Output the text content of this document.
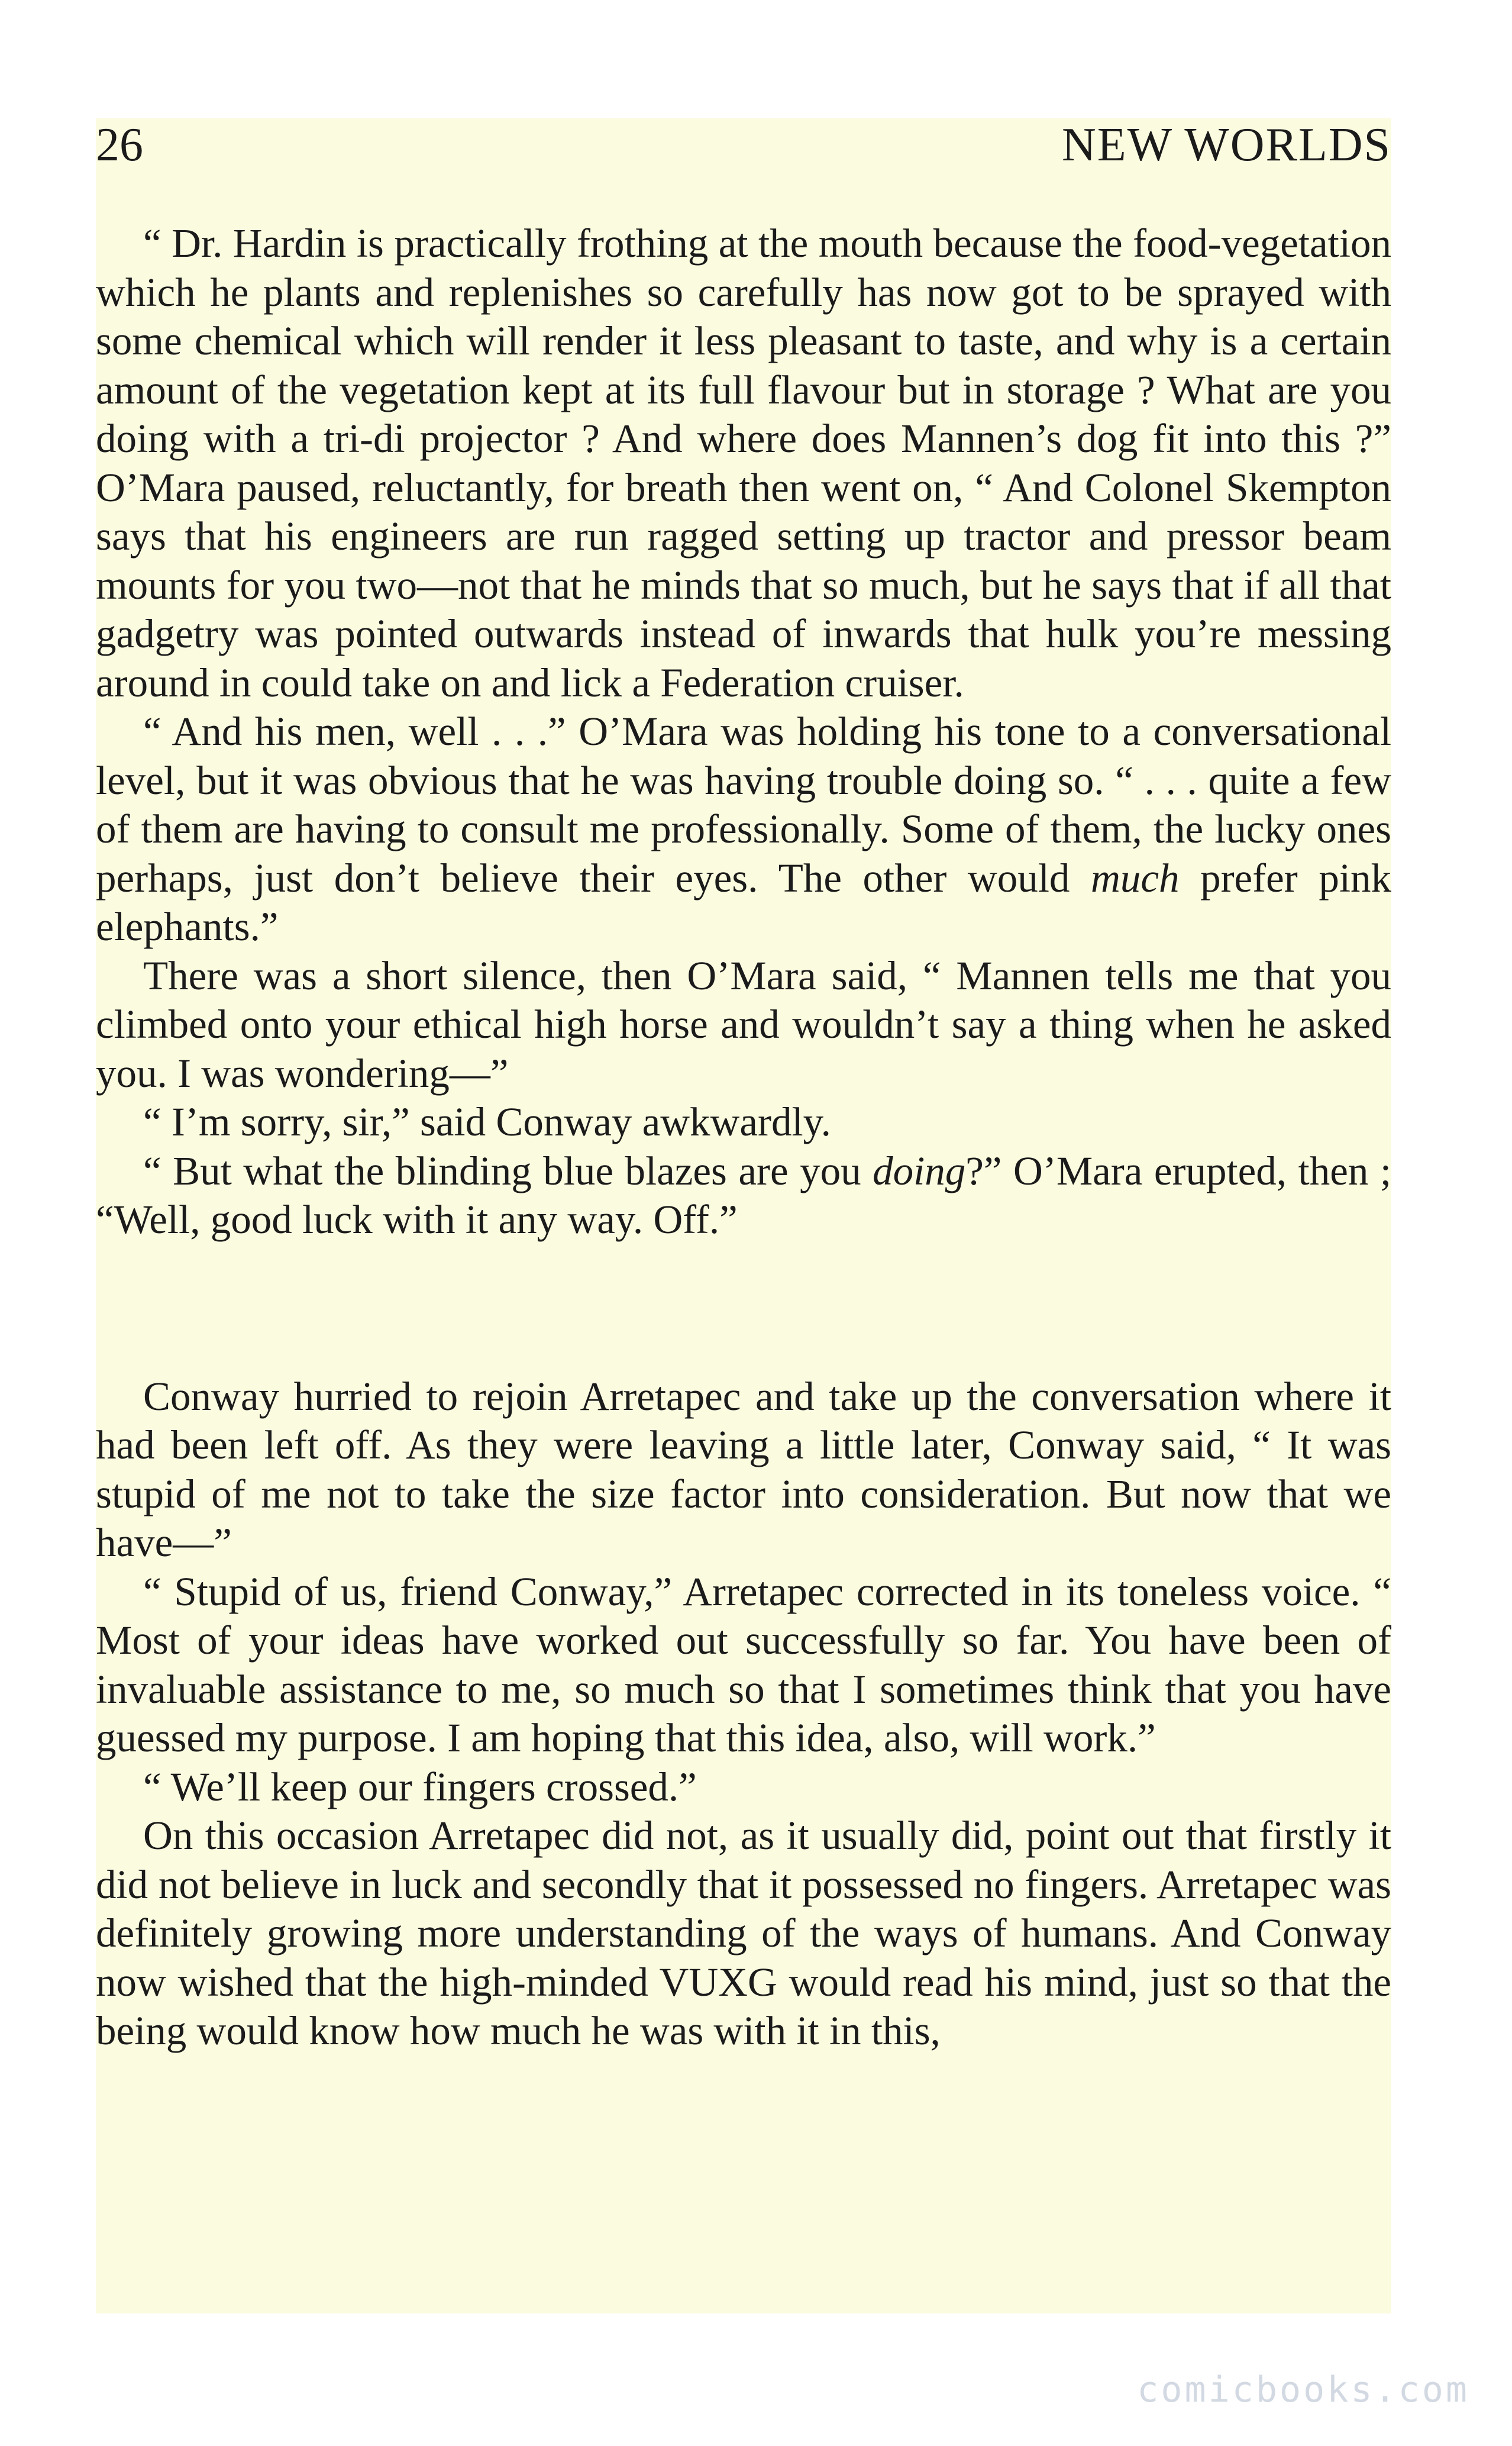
26	NEW WORLDS

“ Dr. Hardin is practically frothing at the mouth because the food-vegetation which he plants and replenishes so carefully has now got to be sprayed with some chemical which will render it less pleasant to taste, and why is a certain amount of the vegetation kept at its full flavour but in storage ? What are you doing with a tri-di projector ? And where does Mannen’s dog fit into this ?” O’Mara paused, reluctantly, for breath then went on, “ And Colonel Skempton says that his engineers are run ragged setting up tractor and pressor beam mounts for you two—not that he minds that so much, but he says that if all that gadgetry was pointed outwards instead of inwards that hulk you’re messing around in could take on and lick a Federation cruiser.

“ And his men, well . . .” O’Mara was holding his tone to a conversational level, but it was obvious that he was having trouble doing so. “ . . . quite a few of them are having to consult me professionally. Some of them, the lucky ones perhaps, just don’t believe their eyes. The other would much prefer pink elephants.”

There was a short silence, then O’Mara said, “ Mannen tells me that you climbed onto your ethical high horse and wouldn’t say a thing when he asked you. I was wondering—”

“ I’m sorry, sir,” said Conway awkwardly.

“ But what the blinding blue blazes are you doing?” O’Mara erupted, then ; “Well, good luck with it any way. Off.”

Conway hurried to rejoin Arretapec and take up the conversation where it had been left off. As they were leaving a little later, Conway said, “ It was stupid of me not to take the size factor into consideration. But now that we have—”

“ Stupid of us, friend Conway,” Arretapec corrected in its toneless voice. “ Most of your ideas have worked out successfully so far. You have been of invaluable assistance to me, so much so that I sometimes think that you have guessed my purpose. I am hoping that this idea, also, will work.”

“ We’ll keep our fingers crossed.”

On this occasion Arretapec did not, as it usually did, point out that firstly it did not believe in luck and secondly that it possessed no fingers. Arretapec was definitely growing more understanding of the ways of humans. And Conway now wished that the high-minded VUXG would read his mind, just so that the being would know how much he was with it in this,

comicbooks.com
